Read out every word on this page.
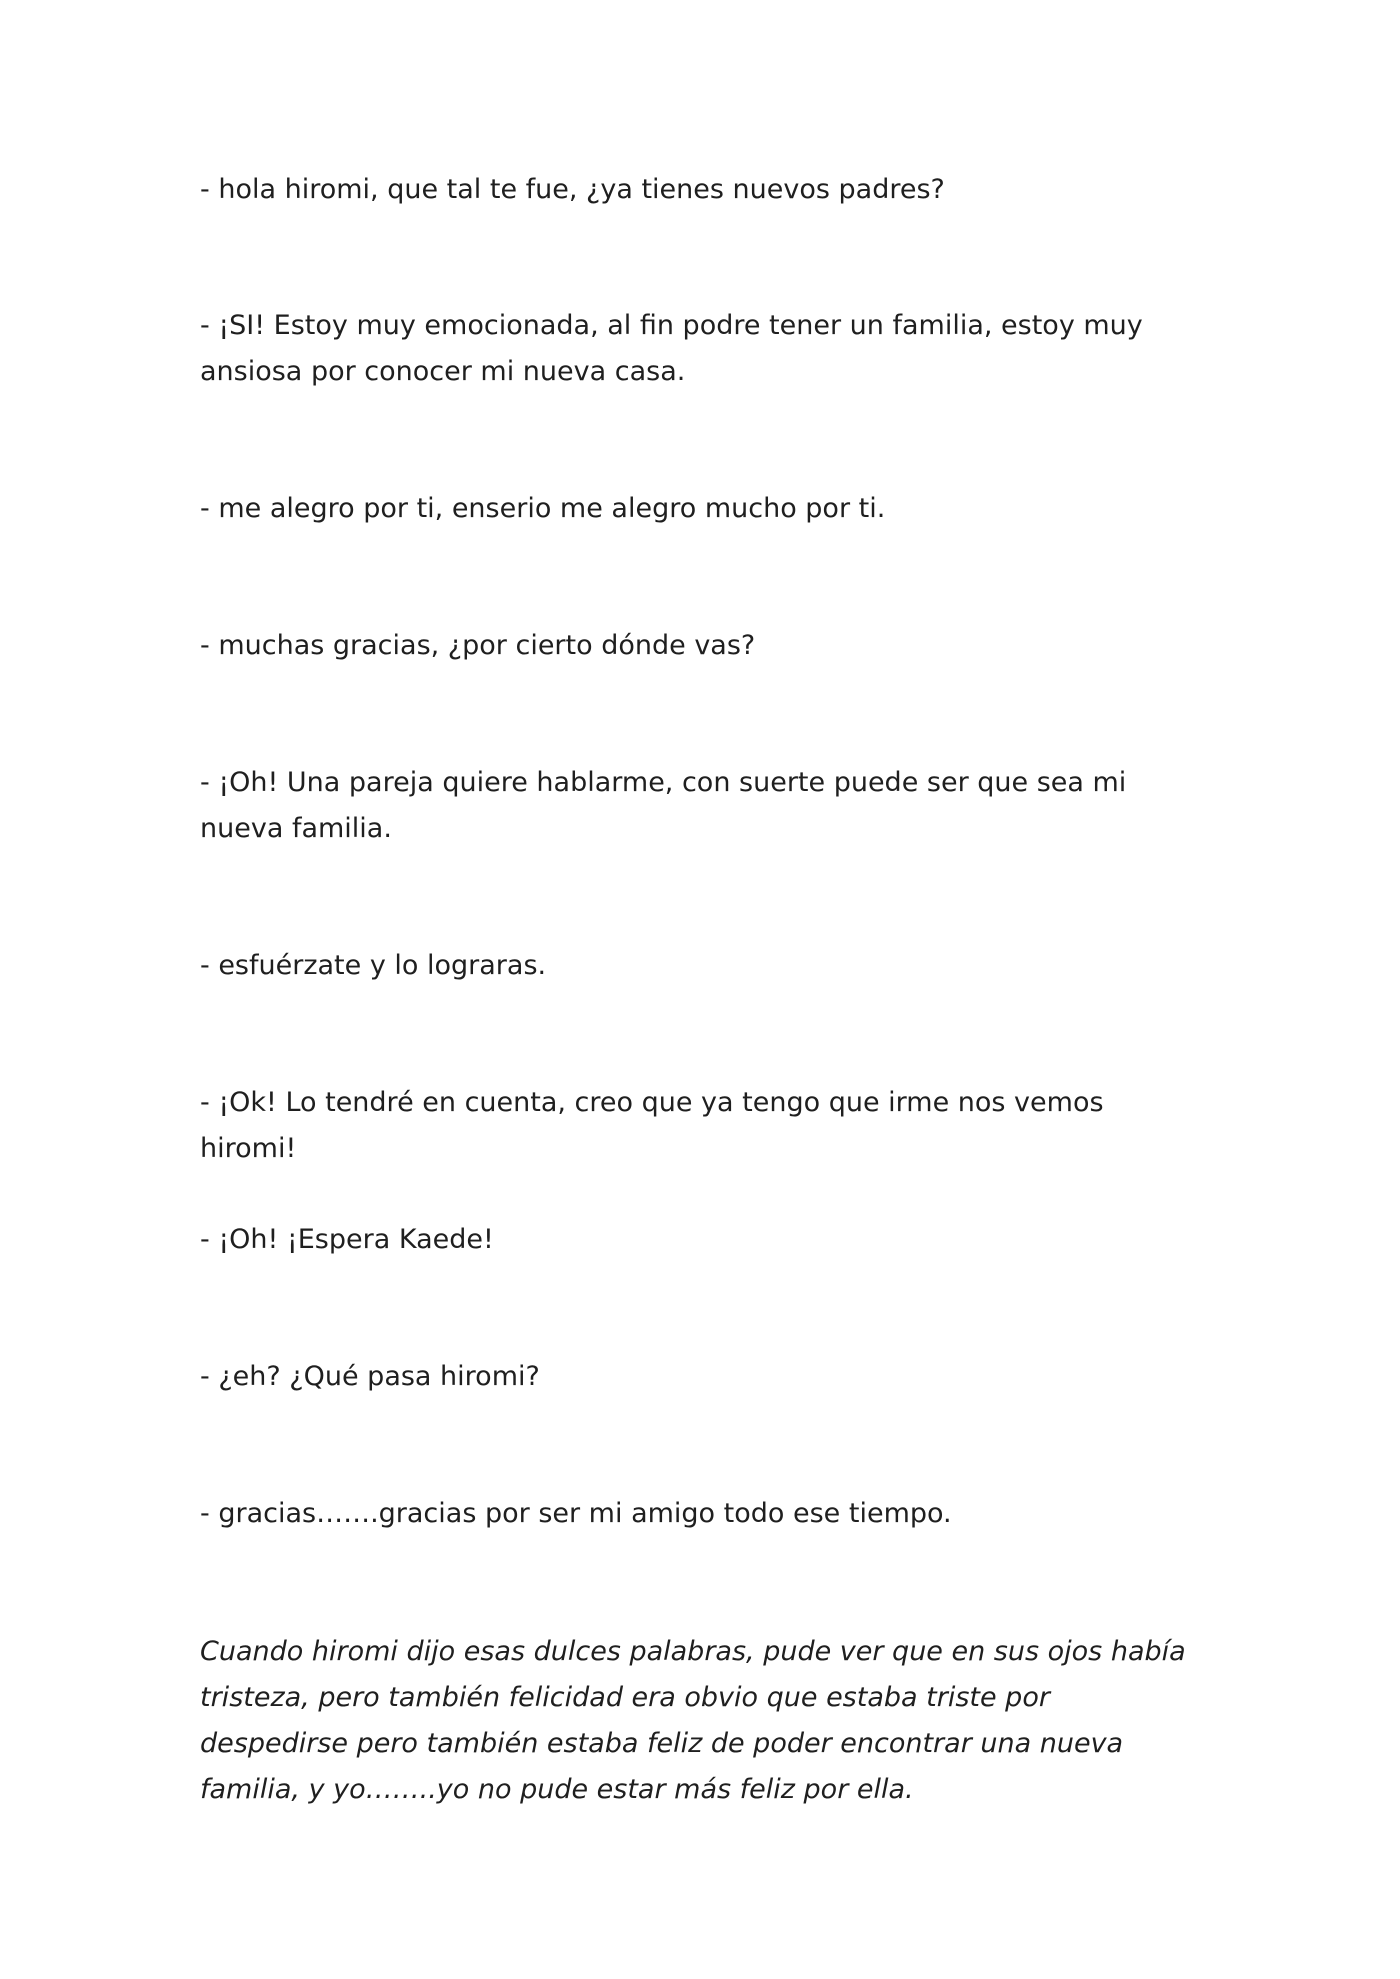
- hola hiromi, que tal te fue, ¿ya tienes nuevos padres?

- ¡SI! Estoy muy emocionada, al fin podre tener un familia, estoy muy ansiosa por conocer mi nueva casa.

- me alegro por ti, enserio me alegro mucho por ti.

- muchas gracias, ¿por cierto dónde vas?

- ¡Oh! Una pareja quiere hablarme, con suerte puede ser que sea mi nueva familia.

- esfuérzate y lo lograras.

- ¡Ok! Lo tendré en cuenta, creo que ya tengo que irme nos vemos hiromi!

- ¡Oh! ¡Espera Kaede!

- ¿eh? ¿Qué pasa hiromi?

- gracias…….gracias por ser mi amigo todo ese tiempo.

Cuando hiromi dijo esas dulces palabras, pude ver que en sus ojos había tristeza, pero también felicidad era obvio que estaba triste por despedirse pero también estaba feliz de poder encontrar una nueva familia, y yo……..yo no pude estar más feliz por ella.
